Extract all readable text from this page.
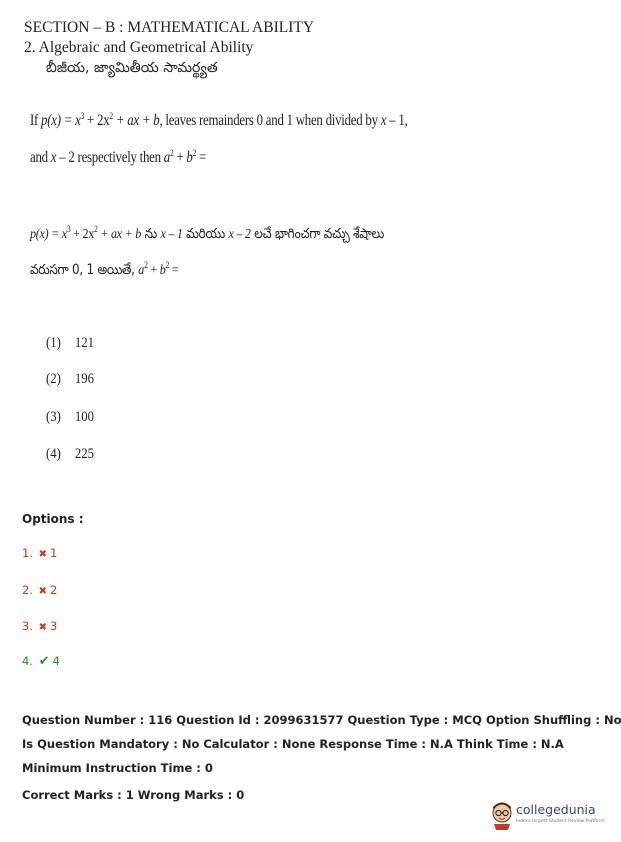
SECTION – B : MATHEMATICAL ABILITY
2. Algebraic and Geometrical Ability
బీజీయ, జ్యామితీయ సామర్థ్యత
If $p(x) = x^3 + 2x^2$ + ax + b, leaves remainders 0 and 1 when divided by x – 1,
and x – 2 respectively then $a^2 + b^2$ =
$p(x) = x^3 + 2x^2$ + ax + b ను x – 1 మరియు x – 2 లచే భాగించగా వచ్చు శేషాలు
వరుసగా 0, 1 అయితే, $a^2 + b^2$ =
(1) 121
(2) 196
(3) 100
(4) 225
Options :
1. ✖ 1
2. ✖ 2
3. ✖ 3
4. ✔ 4
Question Number : 116 Question Id : 2099631577 Question Type : MCQ Option Shuffling : No
Is Question Mandatory : No Calculator : None Response Time : N.A Think Time : N.A
Minimum Instruction Time : 0
Correct Marks : 1 Wrong Marks : 0
collegedunia
India's largest Student Review Platform
